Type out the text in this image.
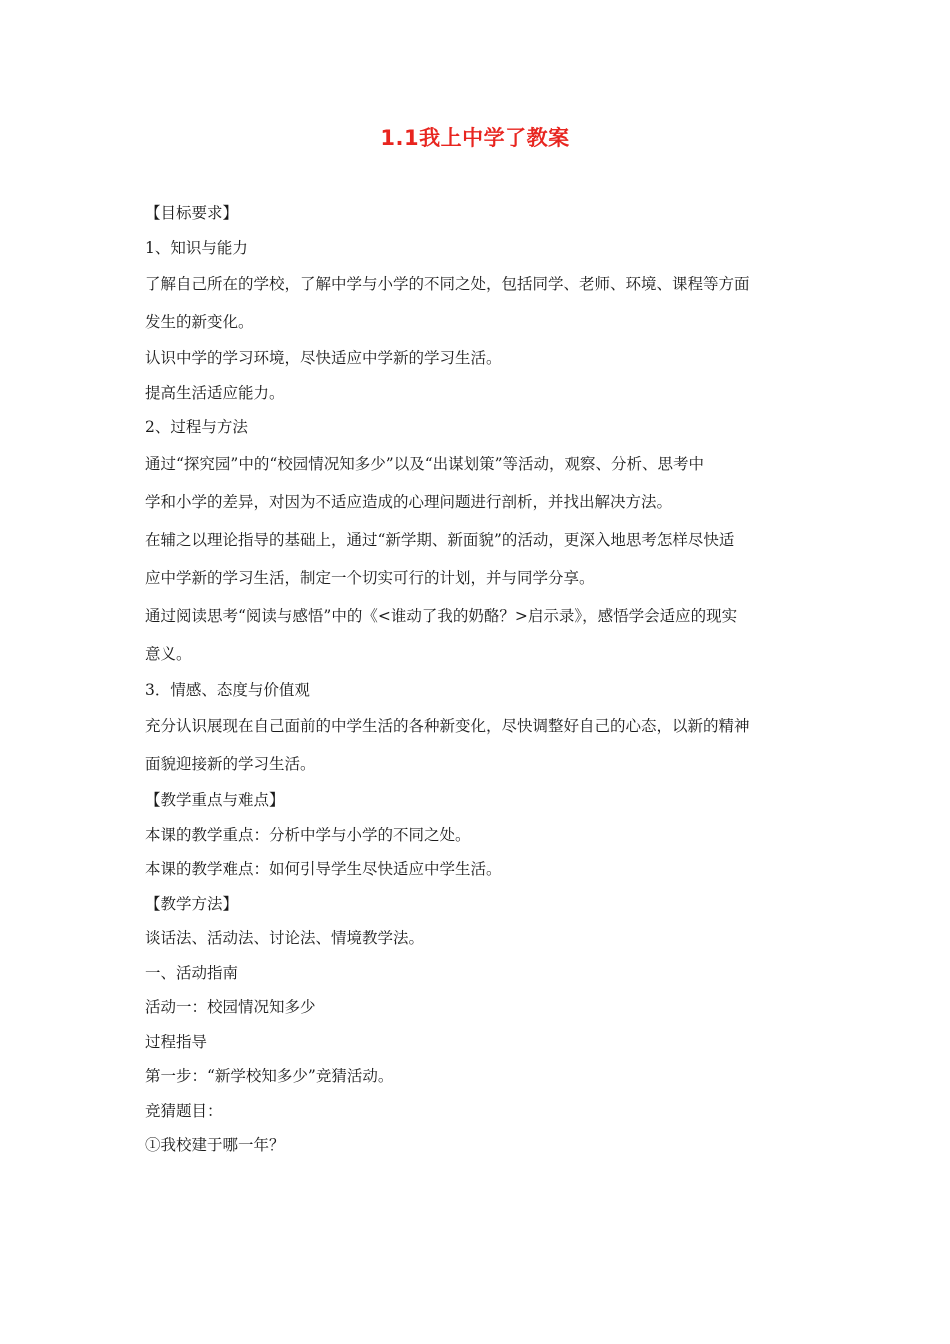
1.1我上中学了教案
【目标要求】
1、知识与能力
了解自己所在的学校，了解中学与小学的不同之处，包括同学、老师、环境、课程等方面
发生的新变化。
认识中学的学习环境，尽快适应中学新的学习生活。
提高生活适应能力。
2、过程与方法
通过“探究园”中的“校园情况知多少”以及“出谋划策”等活动，观察、分析、思考中
学和小学的差异，对因为不适应造成的心理问题进行剖析，并找出解决方法。
在辅之以理论指导的基础上，通过“新学期、新面貌”的活动，更深入地思考怎样尽快适
应中学新的学习生活，制定一个切实可行的计划，并与同学分享。
通过阅读思考“阅读与感悟”中的《<谁动了我的奶酪？>启示录》，感悟学会适应的现实
意义。
3．情感、态度与价值观
充分认识展现在自己面前的中学生活的各种新变化，尽快调整好自己的心态，以新的精神
面貌迎接新的学习生活。
【教学重点与难点】
本课的教学重点：分析中学与小学的不同之处。
本课的教学难点：如何引导学生尽快适应中学生活。
【教学方法】
谈话法、活动法、讨论法、情境教学法。
一、活动指南
活动一：校园情况知多少
过程指导
第一步：“新学校知多少”竞猜活动。
竞猜题目：
①我校建于哪一年？
